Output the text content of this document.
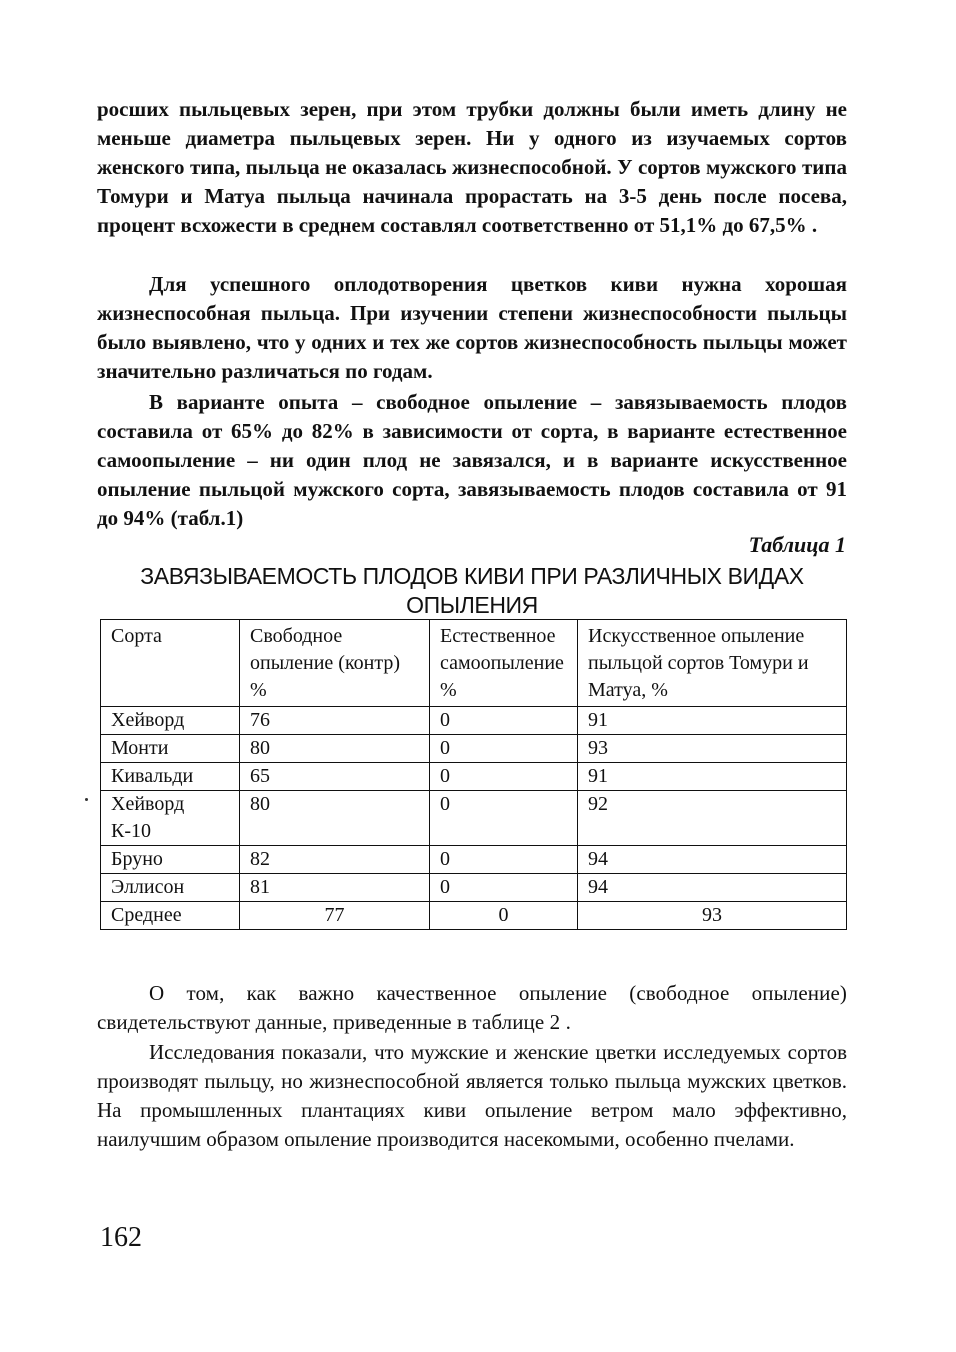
росших пыльцевых зерен, при этом трубки должны были иметь длину не меньше диаметра пыльцевых зерен. Ни у одного из изучаемых сортов женского типа, пыльца не оказалась жизнеспособной. У сортов мужского типа Томури и Матуа пыльца начинала прорастать на 3-5 день после посева, процент всхожести в среднем составлял соответственно от 51,1% до 67,5% .

Для успешного оплодотворения цветков киви нужна хорошая жизнеспособная пыльца. При изучении степени жизнеспособности пыльцы было выявлено, что у одних и тех же сортов жизнеспособность пыльцы может значительно различаться по годам.

В варианте опыта – свободное опыление – завязываемость плодов составила от 65% до 82% в зависимости от сорта, в варианте естественное самоопыление – ни один плод не завязался, и в варианте искусственное опыление пыльцой мужского сорта, завязываемость плодов составила от 91 до 94% (табл.1)

Таблица 1
ЗАВЯЗЫВАЕМОСТЬ ПЛОДОВ КИВИ ПРИ РАЗЛИЧНЫХ ВИДАХ ОПЫЛЕНИЯ
Сорта	Свободное опыление (контр) %	Естественное самоопыление %	Искусственное опыление пыльцой сортов Томури и Матуа, %
Хейворд	76	0	91
Монти	80	0	93
Кивальди	65	0	91
Хейворд К-10	80	0	92
Бруно	82	0	94
Эллисон	81	0	94
Среднее	77	0	93

О том, как важно качественное опыление (свободное опыление) свидетельствуют данные, приведенные в таблице 2 .

Исследования показали, что мужские и женские цветки исследуемых сортов производят пыльцу, но жизнеспособной является только пыльца мужских цветков. На промышленных плантациях киви опыление ветром мало эффективно, наилучшим образом опыление производится насекомыми, особенно пчелами.

162
